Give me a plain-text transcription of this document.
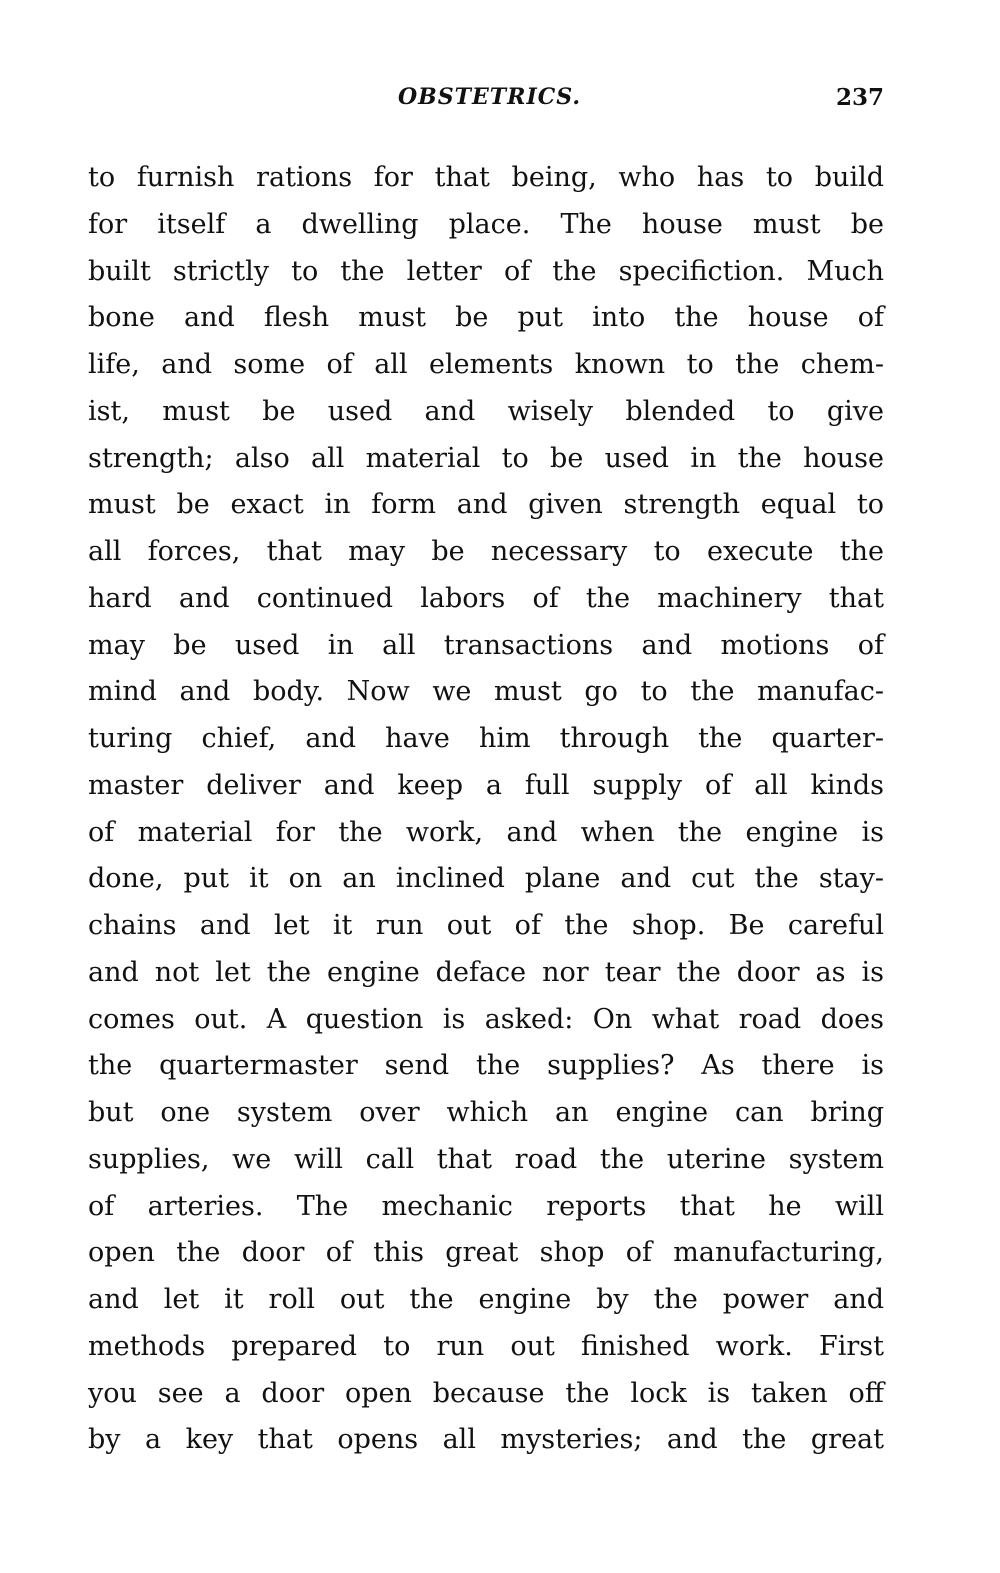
OBSTETRICS.	237
to furnish rations for that being, who has to build
for itself a dwelling place. The house must be
built strictly to the letter of the specifiction. Much
bone and flesh must be put into the house of
life, and some of all elements known to the chem-
ist, must be used and wisely blended to give
strength; also all material to be used in the house
must be exact in form and given strength equal to
all forces, that may be necessary to execute the
hard and continued labors of the machinery that
may be used in all transactions and motions of
mind and body. Now we must go to the manufac-
turing chief, and have him through the quarter-
master deliver and keep a full supply of all kinds
of material for the work, and when the engine is
done, put it on an inclined plane and cut the stay-
chains and let it run out of the shop. Be careful
and not let the engine deface nor tear the door as is
comes out. A question is asked: On what road does
the quartermaster send the supplies? As there is
but one system over which an engine can bring
supplies, we will call that road the uterine system
of arteries. The mechanic reports that he will
open the door of this great shop of manufacturing,
and let it roll out the engine by the power and
methods prepared to run out finished work. First
you see a door open because the lock is taken off
by a key that opens all mysteries; and the great
